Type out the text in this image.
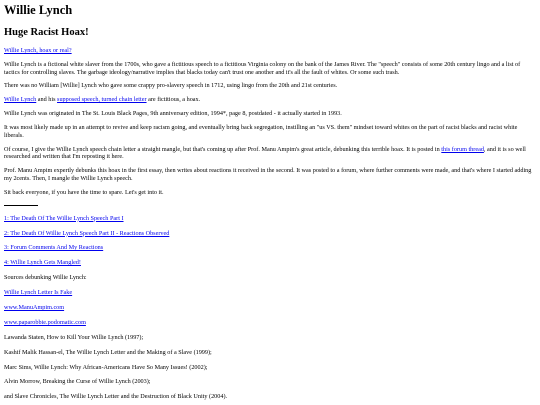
Willie Lynch
Huge Racist Hoax!

Willie Lynch, hoax or real?

Willie Lynch is a fictional white slaver from the 1700s, who gave a fictitious speech to a fictitious Virginia colony on the bank of the James River. The "speech" consists of some 20th century lingo and a list of tactics for controlling slaves. The garbage ideology/narrative implies that blacks today can't trust one another and it's all the fault of whites. Or some such trash.

There was no William [Willie] Lynch who gave some crappy pro-slavery speech in 1712, using lingo from the 20th and 21st centuries.

Willie Lynch and his supposed speech, turned chain letter are fictitious, a hoax.

Willie Lynch was originated in The St. Louis Black Pages, 9th anniversary edition, 1994*, page 8, postdated - it actually started in 1993.

It was most likely made up in an attempt to revive and keep racism going, and eventually bring back segregation, instilling an "us VS. them" mindset toward whites on the part of racist blacks and racist white liberals.

Of course, I give the Willie Lynch speech chain letter a straight mangle, but that's coming up after Prof. Manu Ampim's great article, debunking this terrible hoax. It is posted in this forum thread, and it is so well researched and written that I'm reposting it here.

Prof. Manu Ampim expertly debunks this hoax in the first essay, then writes about reactions it received in the second. It was posted to a forum, where further comments were made, and that's where I started adding my 2cents. Then, I mangle the Willie Lynch speech.

Sit back everyone, if you have the time to spare. Let's get into it.

1: The Death Of The Willie Lynch Speech Part I

2: The Death Of Willie Lynch Speech Part II - Reactions Observed

3: Forum Comments And My Reactions

4: Willie Lynch Gets Mangled!

Sources debunking Willie Lynch:

Willie Lynch Letter Is Fake

www.ManuAmpim.com

www.paparobbie.podomatic.com

Lawanda Staten, How to Kill Your Willie Lynch (1997);

Kashif Malik Hassan-el, The Willie Lynch Letter and the Making of a Slave (1999);

Marc Sims, Willie Lynch: Why African-Americans Have So Many Issues! (2002);

Alvin Morrow, Breaking the Curse of Willie Lynch (2003);

and Slave Chronicles, The Willie Lynch Letter and the Destruction of Black Unity (2004).
